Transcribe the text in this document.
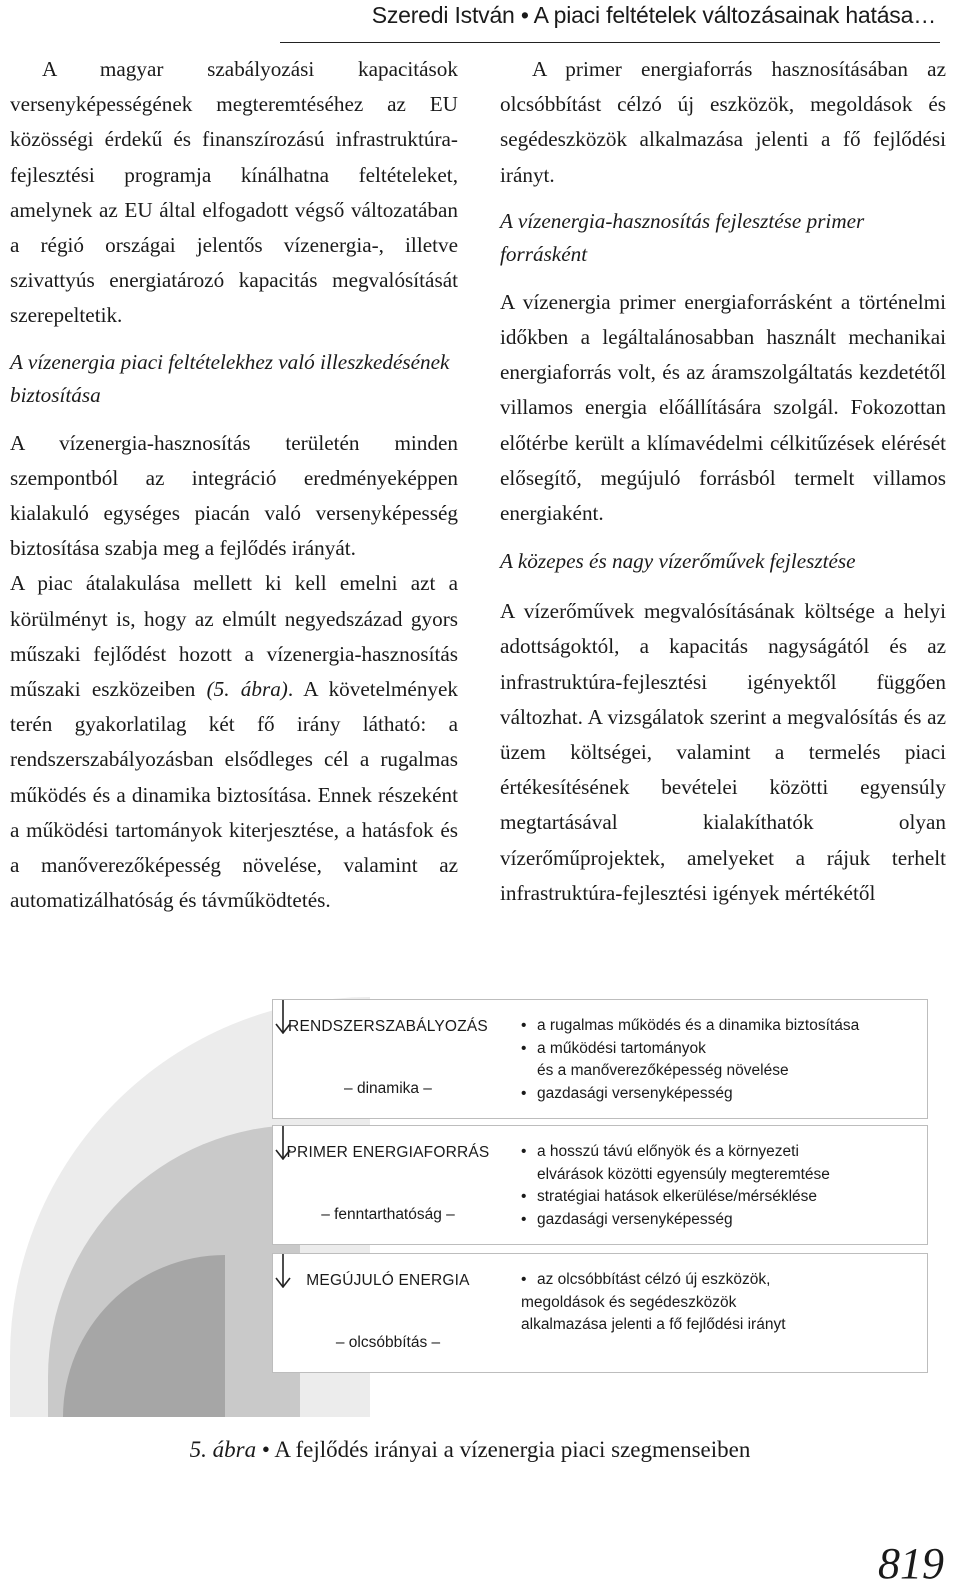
Szeredi István • A piaci feltételek változásainak hatása…

A magyar szabályozási kapacitások versenyképességének megteremtéséhez az EU közösségi érdekű és finanszírozású infrastruktúra-fejlesztési programja kínálhatna feltételeket, amelynek az EU által elfogadott végső változatában a régió országai jelentős vízenergia-, illetve szivattyús energiatározó kapacitás megvalósítását szerepeltetik.

A vízenergia piaci feltételekhez való illeszkedésének biztosítása

A vízenergia-hasznosítás területén minden szempontból az integráció eredményeképpen kialakuló egységes piacán való versenyképesség biztosítása szabja meg a fejlődés irányát.

A piac átalakulása mellett ki kell emelni azt a körülményt is, hogy az elmúlt negyedszázad gyors műszaki fejlődést hozott a vízenergia-hasznosítás műszaki eszközeiben (5. ábra). A követelmények terén gyakorlatilag két fő irány látható: a rendszerszabályozásban elsődleges cél a rugalmas működés és a dinamika biztosítása. Ennek részeként a működési tartományok kiterjesztése, a hatásfok és a manőverezőképesség növelése, valamint az automatizálhatóság és távműködtetés.

A primer energiaforrás hasznosításában az olcsóbbítást célzó új eszközök, megoldások és segédeszközök alkalmazása jelenti a fő fejlődési irányt.

A vízenergia-hasznosítás fejlesztése primer forrásként

A vízenergia primer energiaforrásként a történelmi időkben a legáltalánosabban használt mechanikai energiaforrás volt, és az áramszolgáltatás kezdetétől villamos energia előállítására szolgál. Fokozottan előtérbe került a klímavédelmi célkitűzések elérését elősegítő, megújuló forrásból termelt villamos energiaként.

A közepes és nagy vízerőművek fejlesztése

A vízerőművek megvalósításának költsége a helyi adottságoktól, a kapacitás nagyságától és az infrastruktúra-fejlesztési igényektől függően változhat. A vizsgálatok szerint a megvalósítás és az üzem költségei, valamint a termelés piaci értékesítésének bevételei közötti egyensúly megtartásával kialakíthatók olyan vízerőműprojektek, amelyeket a rájuk terhelt infrastruktúra-fejlesztési igények mértékétől

RENDSZERSZABÁLYOZÁS
– dinamika –
• a rugalmas működés és a dinamika biztosítása
• a működési tartományok
és a manőverezőképesség növelése
• gazdasági versenyképesség
PRIMER ENERGIAFORRÁS
– fenntarthatóság –
• a hosszú távú előnyök és a környezeti
elvárások közötti egyensúly megteremtése
• stratégiai hatások elkerülése/mérséklése
• gazdasági versenyképesség
MEGÚJULÓ ENERGIA
– olcsóbbítás –
• az olcsóbbítást célzó új eszközök,
megoldások és segédeszközök
alkalmazása jelenti a fő fejlődési irányt
5. ábra • A fejlődés irányai a vízenergia piaci szegmenseiben
819
